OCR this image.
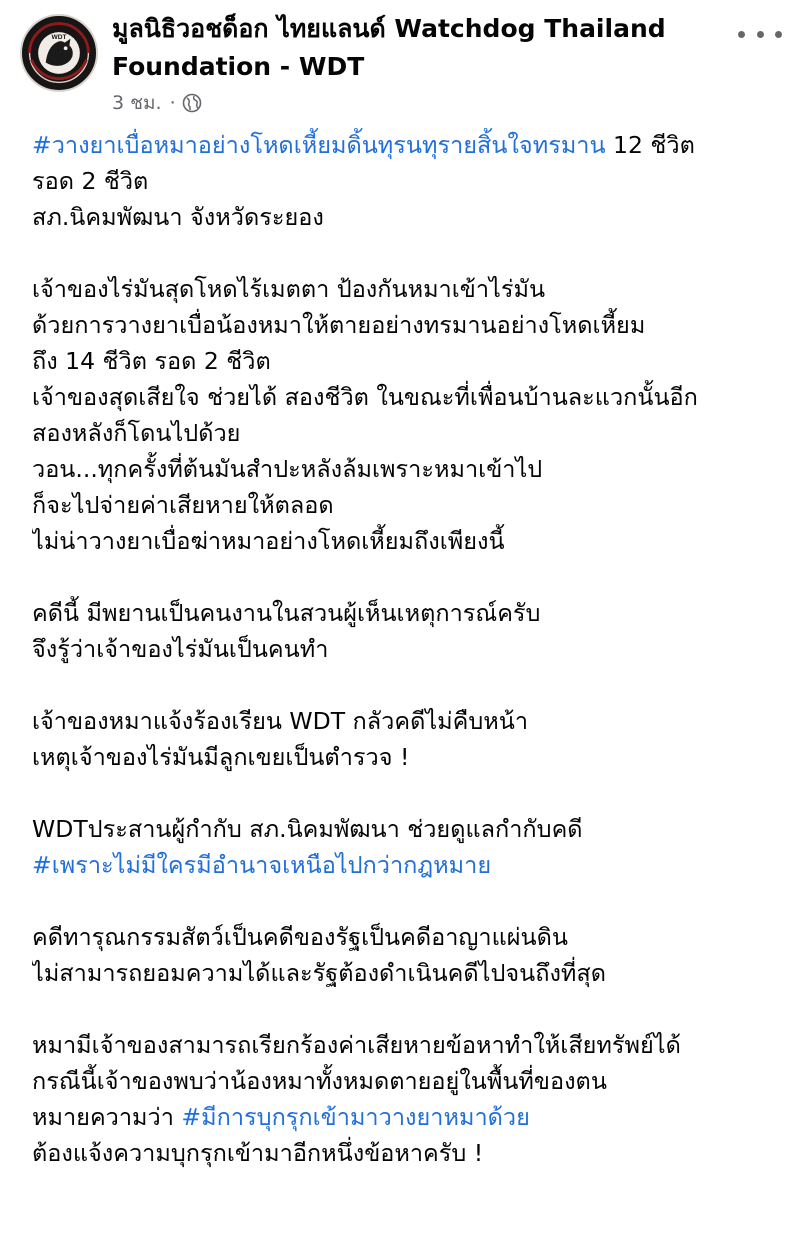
WDT มูลนิธิวอชด็อก ไทยแลนด์ Watchdog Thailand
Foundation - WDT
3 ชม. ·
#วางยาเบื่อหมาอย่างโหดเหี้ยมดิ้นทุรนทุรายสิ้นใจทรมาน 12 ชีวิต
รอด 2 ชีวิต
สภ.นิคมพัฒนา จังหวัดระยอง
เจ้าของไร่มันสุดโหดไร้เมตตา ป้องกันหมาเข้าไร่มัน
ด้วยการวางยาเบื่อน้องหมาให้ตายอย่างทรมานอย่างโหดเหี้ยม
ถึง 14 ชีวิต รอด 2 ชีวิต
เจ้าของสุดเสียใจ ช่วยได้ สองชีวิต ในขณะที่เพื่อนบ้านละแวกนั้นอีก
สองหลังก็โดนไปด้วย
วอน...ทุกครั้งที่ต้นมันสำปะหลังล้มเพราะหมาเข้าไป
ก็จะไปจ่ายค่าเสียหายให้ตลอด
ไม่น่าวางยาเบื่อฆ่าหมาอย่างโหดเหี้ยมถึงเพียงนี้
คดีนี้ มีพยานเป็นคนงานในสวนผู้เห็นเหตุการณ์ครับ
จึงรู้ว่าเจ้าของไร่มันเป็นคนทำ
เจ้าของหมาแจ้งร้องเรียน WDT กลัวคดีไม่คืบหน้า
เหตุเจ้าของไร่มันมีลูกเขยเป็นตำรวจ !
WDTประสานผู้กำกับ สภ.นิคมพัฒนา ช่วยดูแลกำกับคดี
#เพราะไม่มีใครมีอำนาจเหนือไปกว่ากฎหมาย
คดีทารุณกรรมสัตว์เป็นคดีของรัฐเป็นคดีอาญาแผ่นดิน
ไม่สามารถยอมความได้และรัฐต้องดำเนินคดีไปจนถึงที่สุด
หมามีเจ้าของสามารถเรียกร้องค่าเสียหายข้อหาทำให้เสียทรัพย์ได้
กรณีนี้เจ้าของพบว่าน้องหมาทั้งหมดตายอยู่ในพื้นที่ของตน
หมายความว่า #มีการบุกรุกเข้ามาวางยาหมาด้วย
ต้องแจ้งความบุกรุกเข้ามาอีกหนึ่งข้อหาครับ !
